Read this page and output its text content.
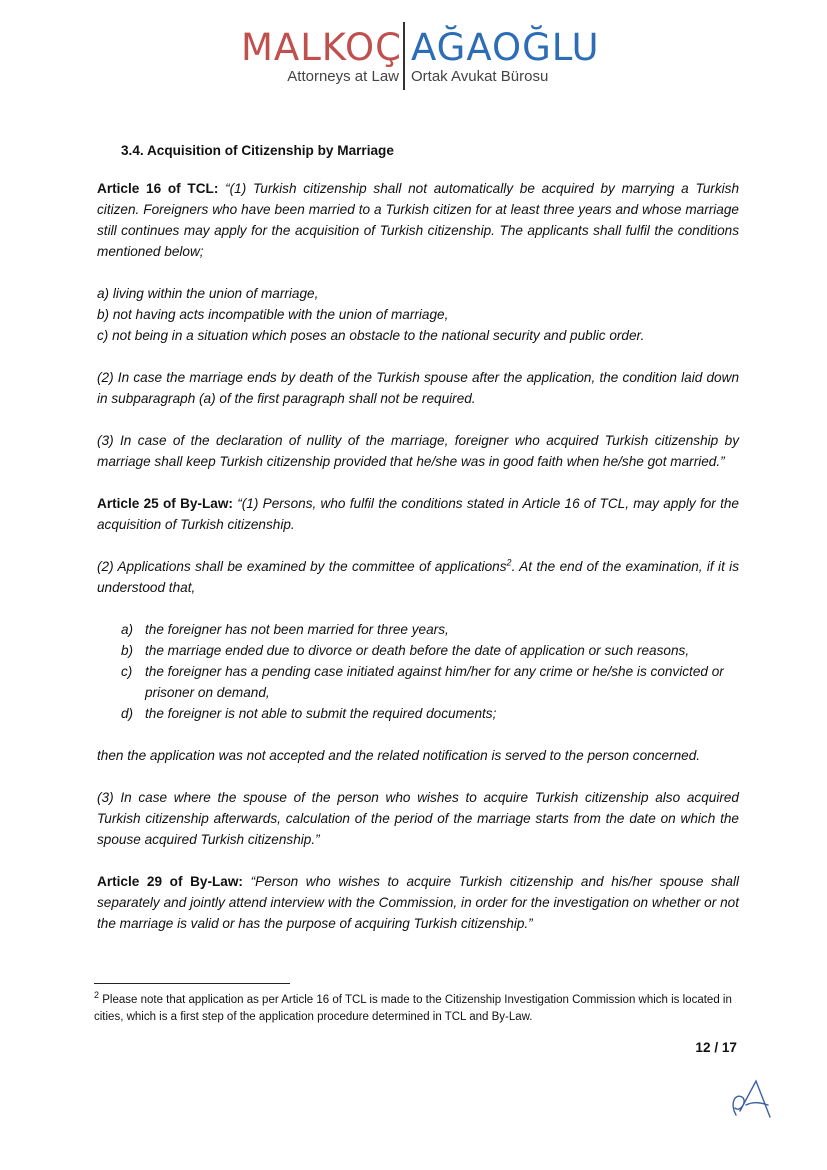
MALKOÇ AĞAOĞLU
Attorneys at Law Ortak Avukat Bürosu
3.4. Acquisition of Citizenship by Marriage

Article 16 of TCL: “(1) Turkish citizenship shall not automatically be acquired by marrying a Turkish citizen. Foreigners who have been married to a Turkish citizen for at least three years and whose marriage still continues may apply for the acquisition of Turkish citizenship. The applicants shall fulfil the conditions mentioned below;

a) living within the union of marriage,
b) not having acts incompatible with the union of marriage,
c) not being in a situation which poses an obstacle to the national security and public order.

(2) In case the marriage ends by death of the Turkish spouse after the application, the condition laid down in subparagraph (a) of the first paragraph shall not be required.

(3) In case of the declaration of nullity of the marriage, foreigner who acquired Turkish citizenship by marriage shall keep Turkish citizenship provided that he/she was in good faith when he/she got married.”

Article 25 of By-Law: “(1) Persons, who fulfil the conditions stated in Article 16 of TCL, may apply for the acquisition of Turkish citizenship.

(2) Applications shall be examined by the committee of applications$^2$. At the end of the examination, if it is understood that,

a) the foreigner has not been married for three years,
b) the marriage ended due to divorce or death before the date of application or such reasons,
c) the foreigner has a pending case initiated against him/her for any crime or he/she is convicted or prisoner on demand,
d) the foreigner is not able to submit the required documents;

then the application was not accepted and the related notification is served to the person concerned.

(3) In case where the spouse of the person who wishes to acquire Turkish citizenship also acquired Turkish citizenship afterwards, calculation of the period of the marriage starts from the date on which the spouse acquired Turkish citizenship.”

Article 29 of By-Law: “Person who wishes to acquire Turkish citizenship and his/her spouse shall separately and jointly attend interview with the Commission, in order for the investigation on whether or not the marriage is valid or has the purpose of acquiring Turkish citizenship.”

$^2$ Please note that application as per Article 16 of TCL is made to the Citizenship Investigation Commission which is located in cities, which is a first step of the application procedure determined in TCL and By-Law.
12 / 17
